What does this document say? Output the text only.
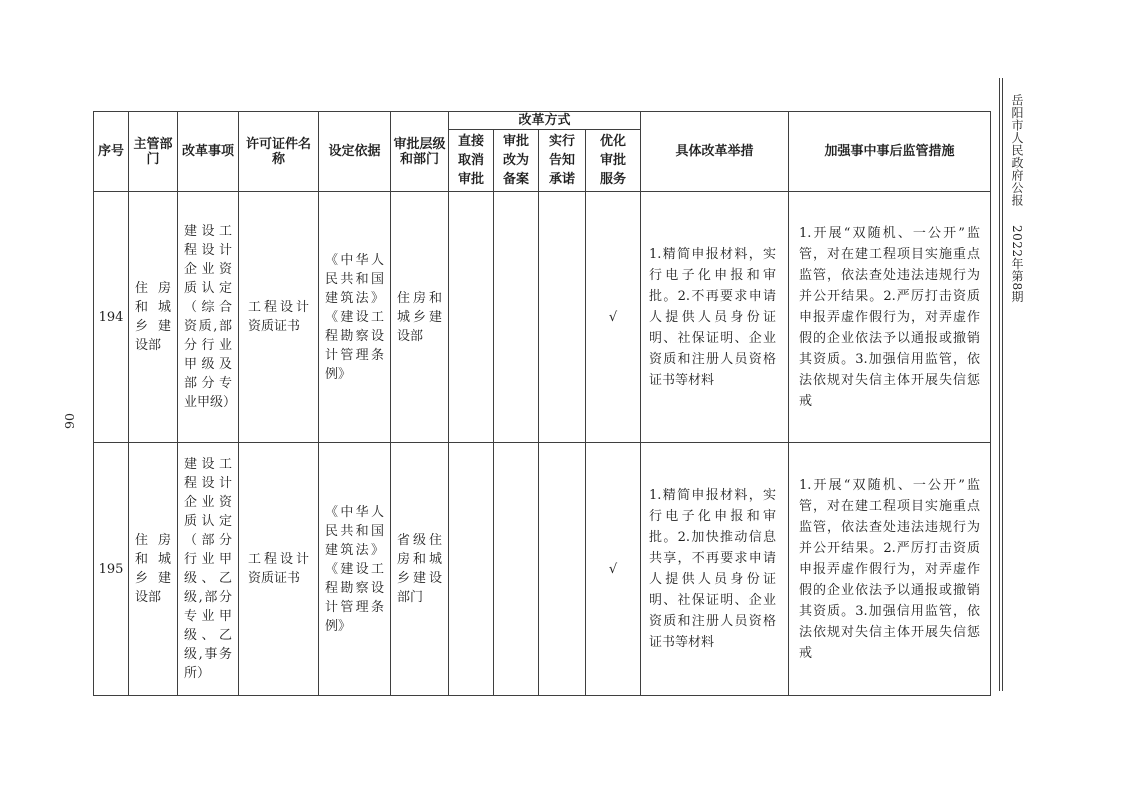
90
序号	主管部门	改革事项	许可证件名称	设定依据	审批层级和部门	改革方式				具体改革举措	加强事中事后监管措施
						直接取消审批	审批改为备案	实行告知承诺	优化审批服务		
194	住房和城乡建设部	建设工程设计企业资质认定（综合资质,部分行业甲级及部分专业甲级）	工程设计资质证书	《中华人民共和国建筑法》《建设工程勘察设计管理条例》	住房和城乡建设部				√	1.精简申报材料，实行电子化申报和审批。2.不再要求申请人提供人员身份证明、社保证明、企业资质和注册人员资格证书等材料	1.开展“双随机、一公开”监管，对在建工程项目实施重点监管，依法查处违法违规行为并公开结果。2.严厉打击资质申报弄虚作假行为，对弄虚作假的企业依法予以通报或撤销其资质。3.加强信用监管，依法依规对失信主体开展失信惩戒
195	住房和城乡建设部	建设工程设计企业资质认定（部分行业甲级、乙级,部分专业甲级、乙级,事务所）	工程设计资质证书	《中华人民共和国建筑法》《建设工程勘察设计管理条例》	省级住房和城乡建设部门				√	1.精简申报材料，实行电子化申报和审批。2.加快推动信息共享，不再要求申请人提供人员身份证明、社保证明、企业资质和注册人员资格证书等材料	1.开展“双随机、一公开”监管，对在建工程项目实施重点监管，依法查处违法违规行为并公开结果。2.严厉打击资质申报弄虚作假行为，对弄虚作假的企业依法予以通报或撤销其资质。3.加强信用监管，依法依规对失信主体开展失信惩戒
岳阳市人民政府公报 2022年第8期
